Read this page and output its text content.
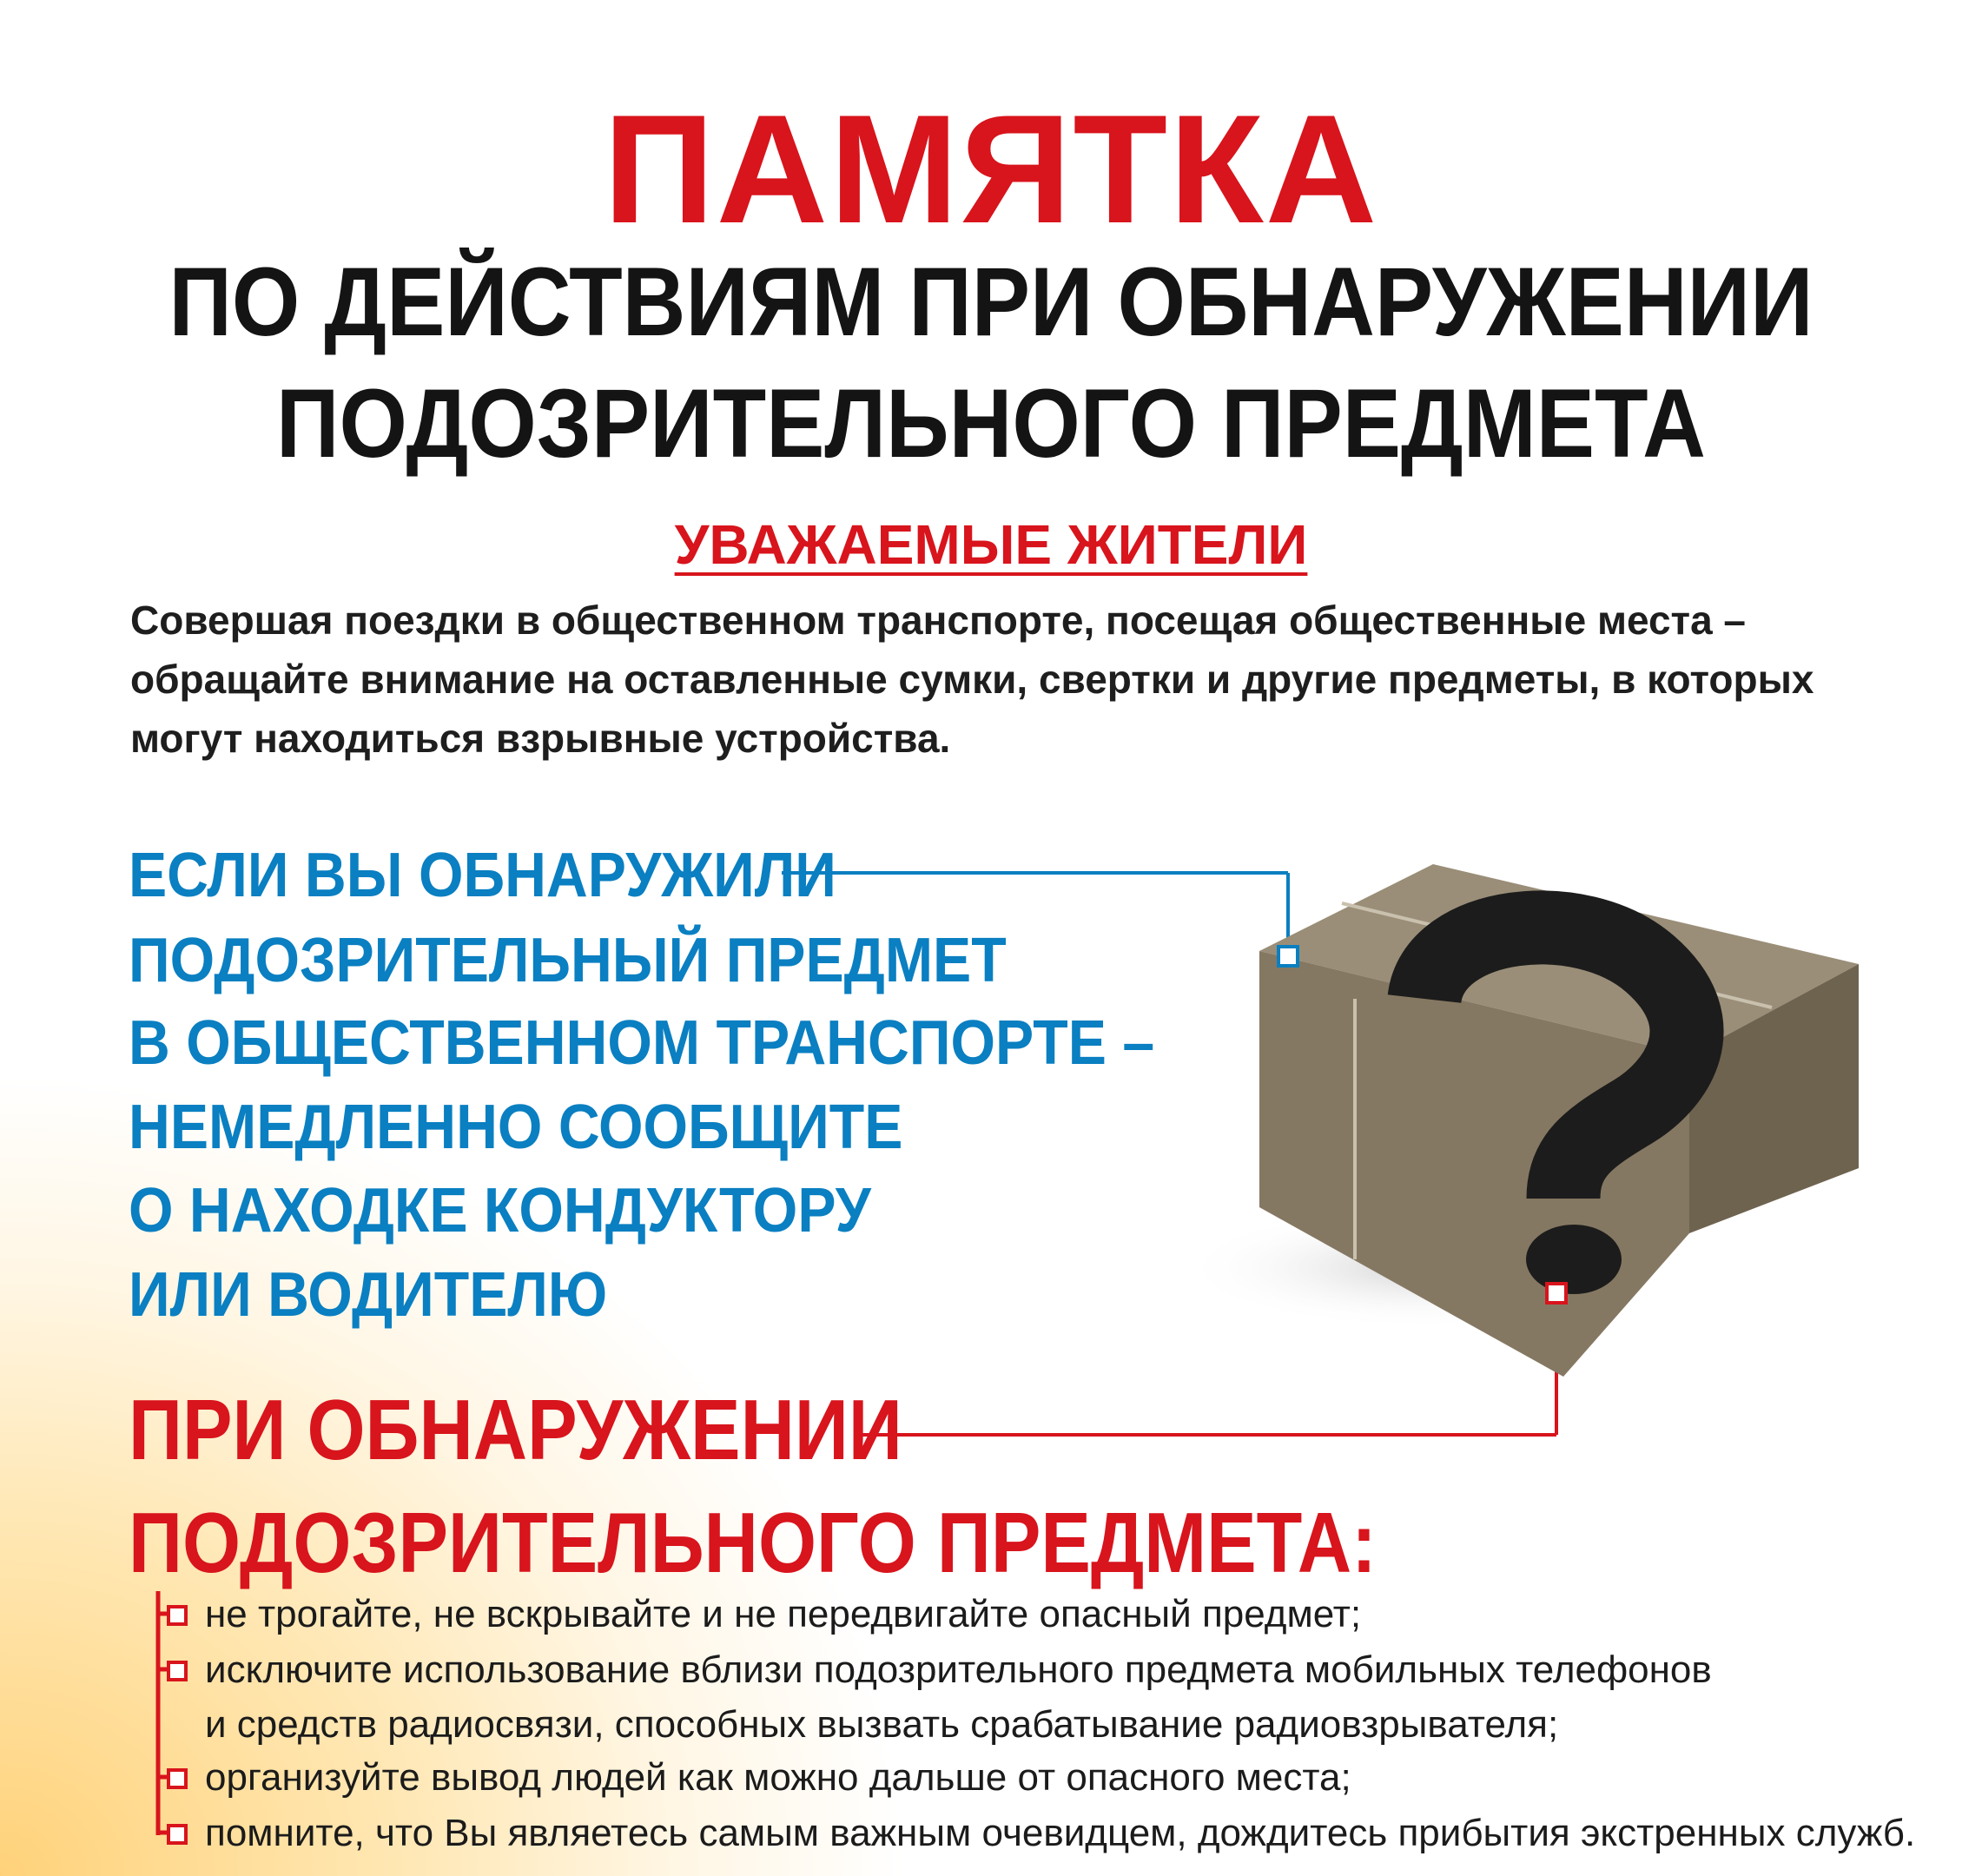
ПАМЯТКА
ПО ДЕЙСТВИЯМ ПРИ ОБНАРУЖЕНИИ
ПОДОЗРИТЕЛЬНОГО ПРЕДМЕТА
УВАЖАЕМЫЕ ЖИТЕЛИ
Совершая поездки в общественном транспорте, посещая общественные места –
обращайте внимание на оставленные сумки, свертки и другие предметы, в которых
могут находиться взрывные устройства.
ЕСЛИ ВЫ ОБНАРУЖИЛИ
ПОДОЗРИТЕЛЬНЫЙ ПРЕДМЕТ
В ОБЩЕСТВЕННОМ ТРАНСПОРТЕ –
НЕМЕДЛЕННО СООБЩИТЕ
О НАХОДКЕ КОНДУКТОРУ
ИЛИ ВОДИТЕЛЮ
ПРИ ОБНАРУЖЕНИИ
ПОДОЗРИТЕЛЬНОГО ПРЕДМЕТА:
не трогайте, не вскрывайте и не передвигайте опасный предмет;
исключите использование вблизи подозрительного предмета мобильных телефонов
и средств радиосвязи, способных вызвать срабатывание радиовзрывателя;
организуйте вывод людей как можно дальше от опасного места;
помните, что Вы являетесь самым важным очевидцем, дождитесь прибытия экстренных служб.
